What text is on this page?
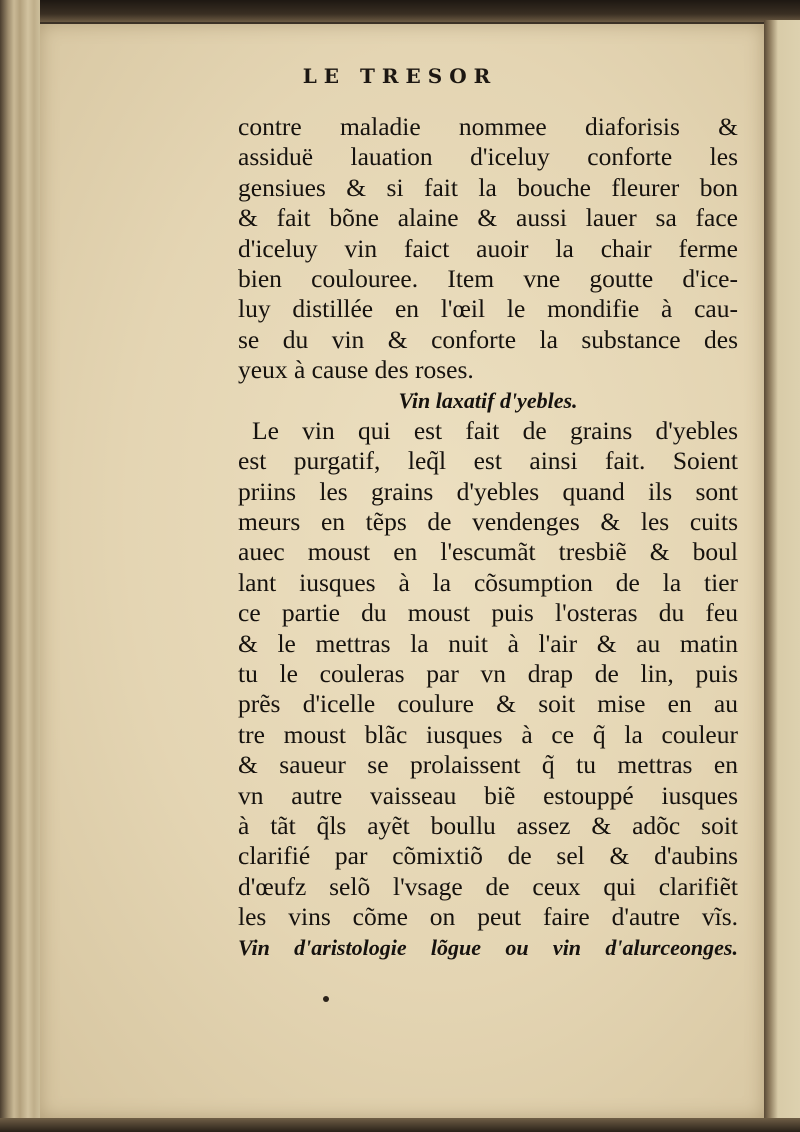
LE TRESOR
contre maladie nommee diaforisis &
assiduë lauation d'iceluy conforte les
gensiues & si fait la bouche fleurer bon
& fait bõne alaine & aussi lauer sa face
d'iceluy vin faict auoir la chair ferme
bien coulouree. Item vne goutte d'ice-
luy distillée en l'œil le mondifie à cau-
se du vin & conforte la substance des
yeux à cause des roses.
Vin laxatif d'yebles.
Le vin qui est fait de grains d'yebles
est purgatif, leq̃l est ainsi fait. Soient
priins les grains d'yebles quand ils sont
meurs en tẽps de vendenges & les cuits
auec moust en l'escumãt tresbiẽ & boul
lant iusques à la cõsumption de la tier
ce partie du moust puis l'osteras du feu
& le mettras la nuit à l'air & au matin
tu le couleras par vn drap de lin, puis
prẽs d'icelle coulure & soit mise en au
tre moust blãc iusques à ce q̃ la couleur
& saueur se prolaissent q̃ tu mettras en
vn autre vaisseau biẽ estouppé iusques
à tãt q̃ls ayẽt boullu assez & adõc soit
clarifié par cõmixtiõ de sel & d'aubins
d'œufz selõ l'vsage de ceux qui clarifiẽt
les vins cõme on peut faire d'autre vĩs.
Vin d'aristologie lõgue ou vin d'alurceonges.
